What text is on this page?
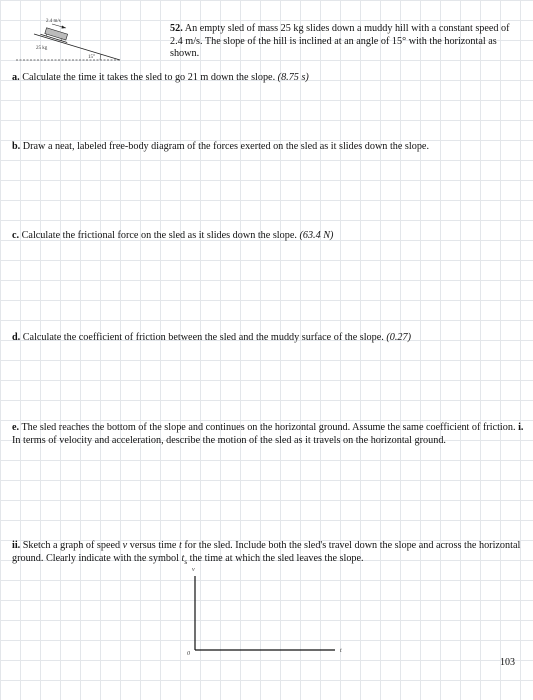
2.4 m/s
25 kg
15°
52. An empty sled of mass 25 kg slides down a muddy hill with a constant speed of 2.4 m/s. The slope of the hill is inclined at an angle of 15° with the horizontal as shown.
a. Calculate the time it takes the sled to go 21 m down the slope. (8.75 s)
b. Draw a neat, labeled free-body diagram of the forces exerted on the sled as it slides down the slope.
c. Calculate the frictional force on the sled as it slides down the slope. (63.4 N)
d. Calculate the coefficient of friction between the sled and the muddy surface of the slope. (0.27)
e. The sled reaches the bottom of the slope and continues on the horizontal ground. Assume the same coefficient of friction. i. In terms of velocity and acceleration, describe the motion of the sled as it travels on the horizontal ground.
ii. Sketch a graph of speed v versus time t for the sled. Include both the sled's travel down the slope and across the horizontal ground. Clearly indicate with the symbol $t_s$ the time at which the sled leaves the slope.
v
t
0
103
